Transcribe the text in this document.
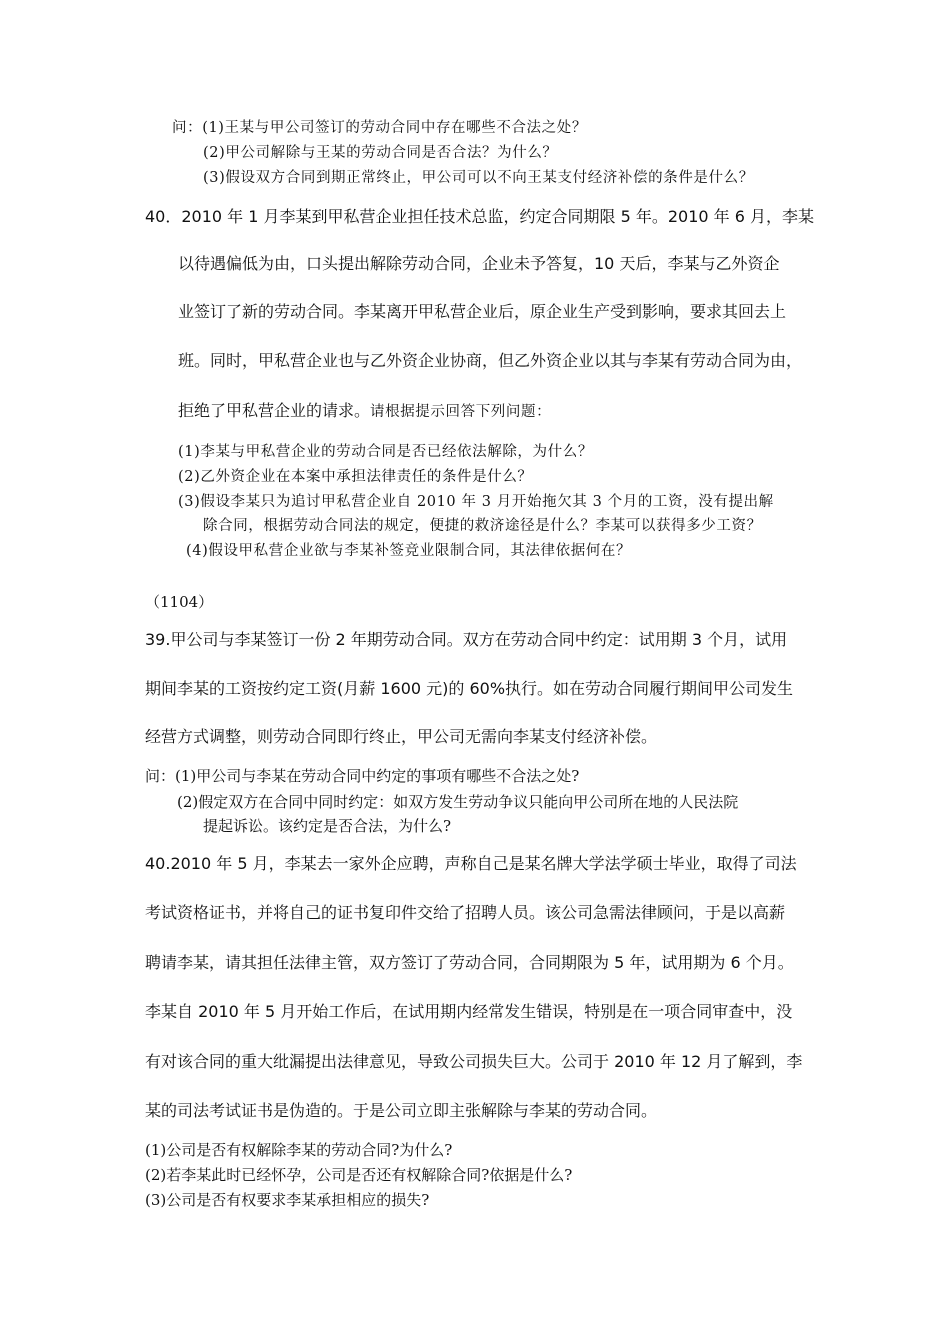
问：(1)王某与甲公司签订的劳动合同中存在哪些不合法之处？
(2)甲公司解除与王某的劳动合同是否合法？为什么？
(3)假设双方合同到期正常终止，甲公司可以不向王某支付经济补偿的条件是什么？
40．2010 年 1 月李某到甲私营企业担任技术总监，约定合同期限 5 年。2010 年 6 月，李某
以待遇偏低为由，口头提出解除劳动合同，企业未予答复，10 天后，李某与乙外资企
业签订了新的劳动合同。李某离开甲私营企业后，原企业生产受到影响，要求其回去上
班。同时，甲私营企业也与乙外资企业协商，但乙外资企业以其与李某有劳动合同为由，
拒绝了甲私营企业的请求。 请根据提示回答下列问题：
(1)李某与甲私营企业的劳动合同是否已经依法解除，为什么？
(2)乙外资企业在本案中承担法律责任的条件是什么？
(3)假设李某只为追讨甲私营企业自 2010 年 3 月开始拖欠其 3 个月的工资，没有提出解
除合同，根据劳动合同法的规定，便捷的救济途径是什么？李某可以获得多少工资？
(4)假设甲私营企业欲与李某补签竞业限制合同，其法律依据何在？
（1104）
39.甲公司与李某签订一份 2 年期劳动合同。双方在劳动合同中约定：试用期 3 个月，试用
期间李某的工资按约定工资(月薪 1600 元)的 60%执行。如在劳动合同履行期间甲公司发生
经营方式调整，则劳动合同即行终止，甲公司无需向李某支付经济补偿。
问：(1)甲公司与李某在劳动合同中约定的事项有哪些不合法之处?
(2)假定双方在合同中同时约定：如双方发生劳动争议只能向甲公司所在地的人民法院
提起诉讼。该约定是否合法，为什么?
40.2010 年 5 月，李某去一家外企应聘，声称自己是某名牌大学法学硕士毕业，取得了司法
考试资格证书，并将自己的证书复印件交给了招聘人员。该公司急需法律顾问，于是以高薪
聘请李某，请其担任法律主管，双方签订了劳动合同，合同期限为 5 年，试用期为 6 个月。
李某自 2010 年 5 月开始工作后，在试用期内经常发生错误，特别是在一项合同审查中，没
有对该合同的重大纰漏提出法律意见，导致公司损失巨大。公司于 2010 年 12 月了解到，李
某的司法考试证书是伪造的。于是公司立即主张解除与李某的劳动合同。
(1)公司是否有权解除李某的劳动合同?为什么?
(2)若李某此时已经怀孕，公司是否还有权解除合同?依据是什么?
(3)公司是否有权要求李某承担相应的损失?
